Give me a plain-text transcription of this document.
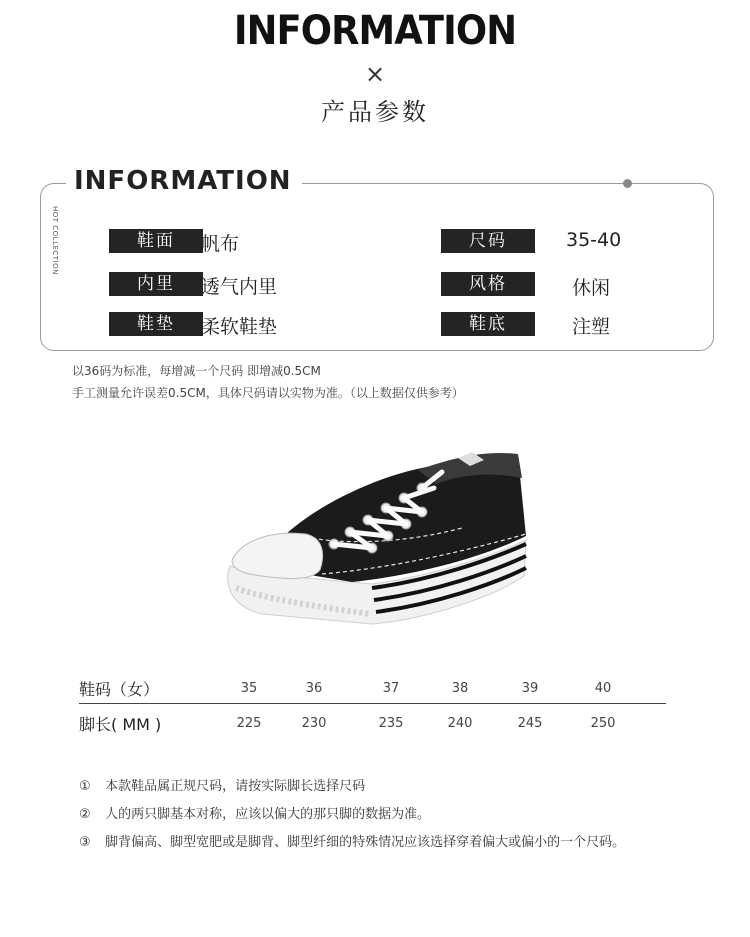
INFORMATION
×
产品参数
INFORMATION
HOT COLLECTION	鞋面	帆布	尺码	35-40
内里	透气内里	风格	休闲
鞋垫	柔软鞋垫	鞋底	注塑
以36码为标准，每增减一个尺码 即增减0.5CM
手工测量允许误差0.5CM，具体尺码请以实物为准。（以上数据仅供参考）
鞋码（女）	35	36	37	38	39	40
脚长( MM )	225	230	235	240	245	250
① 本款鞋品属正规尺码，请按实际脚长选择尺码
② 人的两只脚基本对称，应该以偏大的那只脚的数据为准。
③ 脚背偏高、脚型宽肥或是脚背、脚型纤细的特殊情况应该选择穿着偏大或偏小的一个尺码。
